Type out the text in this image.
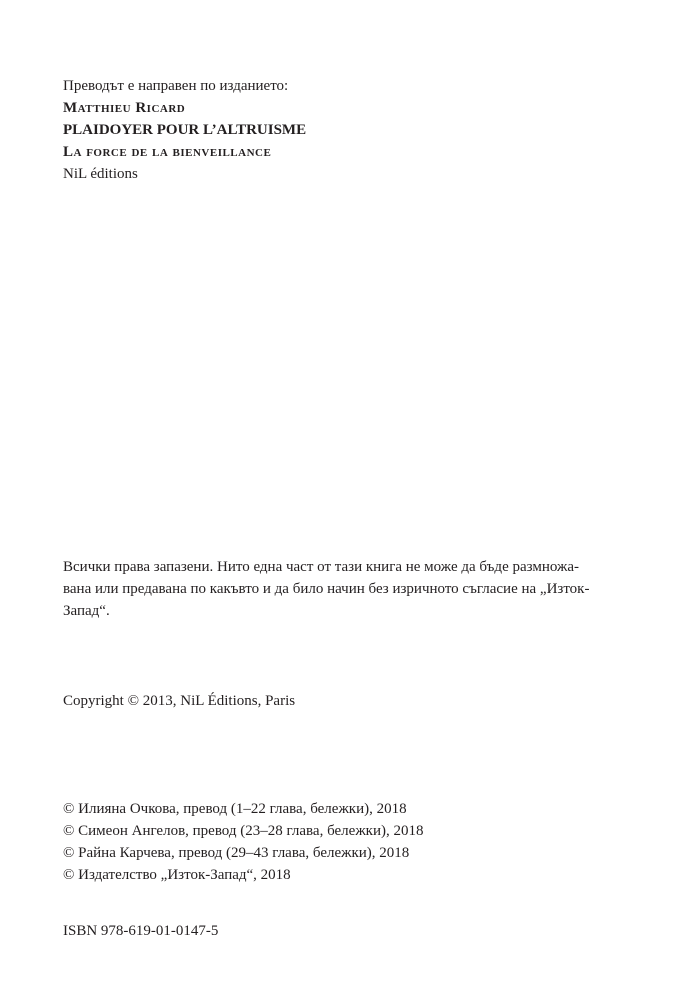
Преводът е направен по изданието:
Matthieu Ricard
PLAIDOYER POUR L’ALTRUISME
La force de la bienveillance
NiL éditions
Всички права запазени. Нито една част от тази книга не може да бъде размножа-
вана или предавана по какъвто и да било начин без изричното съгласие на „Изток-
Запад“.
Copyright © 2013, NiL Éditions, Paris
© Илияна Очкова, превод (1–22 глава, бележки), 2018
© Симеон Ангелов, превод (23–28 глава, бележки), 2018
© Райна Карчева, превод (29–43 глава, бележки), 2018
© Издателство „Изток-Запад“, 2018
ISBN 978-619-01-0147-5
